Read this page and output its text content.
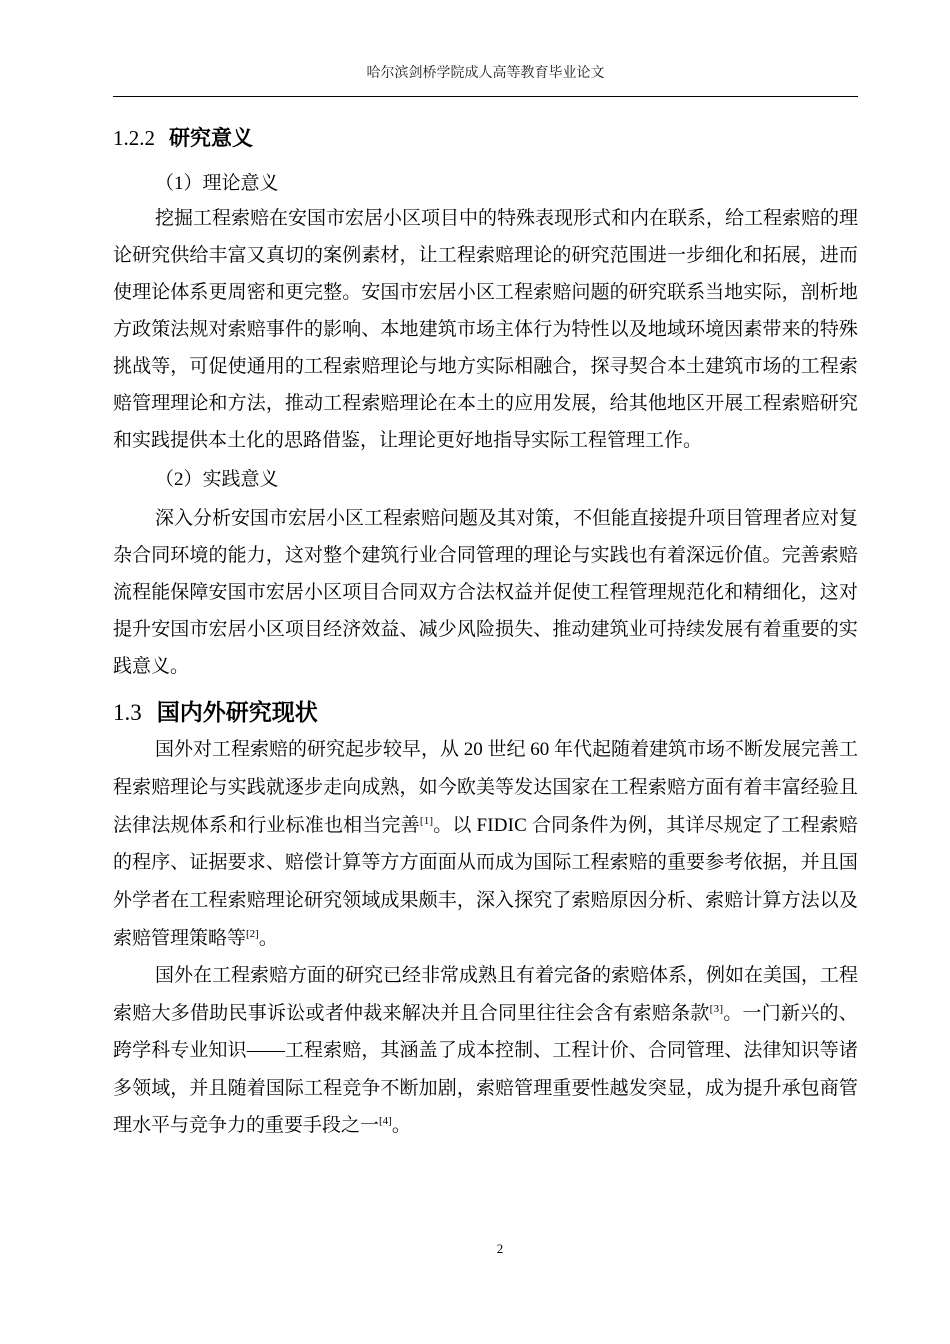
哈尔滨剑桥学院成人高等教育毕业论文
1.2.2 研究意义
（1）理论意义
挖掘工程索赔在安国市宏居小区项目中的特殊表现形式和内在联系，给工程索赔的理
论研究供给丰富又真切的案例素材，让工程索赔理论的研究范围进一步细化和拓展，进而
使理论体系更周密和更完整。安国市宏居小区工程索赔问题的研究联系当地实际，剖析地
方政策法规对索赔事件的影响、本地建筑市场主体行为特性以及地域环境因素带来的特殊
挑战等，可促使通用的工程索赔理论与地方实际相融合，探寻契合本土建筑市场的工程索
赔管理理论和方法，推动工程索赔理论在本土的应用发展，给其他地区开展工程索赔研究
和实践提供本土化的思路借鉴，让理论更好地指导实际工程管理工作。
（2）实践意义
深入分析安国市宏居小区工程索赔问题及其对策，不但能直接提升项目管理者应对复
杂合同环境的能力，这对整个建筑行业合同管理的理论与实践也有着深远价值。完善索赔
流程能保障安国市宏居小区项目合同双方合法权益并促使工程管理规范化和精细化，这对
提升安国市宏居小区项目经济效益、减少风险损失、推动建筑业可持续发展有着重要的实
践意义。
1.3 国内外研究现状
国外对工程索赔的研究起步较早，从 20 世纪 60 年代起随着建筑市场不断发展完善工
程索赔理论与实践就逐步走向成熟，如今欧美等发达国家在工程索赔方面有着丰富经验且
法律法规体系和行业标准也相当完善[1]。以 FIDIC 合同条件为例，其详尽规定了工程索赔
的程序、证据要求、赔偿计算等方方面面从而成为国际工程索赔的重要参考依据，并且国
外学者在工程索赔理论研究领域成果颇丰，深入探究了索赔原因分析、索赔计算方法以及
索赔管理策略等[2]。
国外在工程索赔方面的研究已经非常成熟且有着完备的索赔体系，例如在美国，工程
索赔大多借助民事诉讼或者仲裁来解决并且合同里往往会含有索赔条款[3]。一门新兴的、
跨学科专业知识——工程索赔，其涵盖了成本控制、工程计价、合同管理、法律知识等诸
多领域，并且随着国际工程竞争不断加剧，索赔管理重要性越发突显，成为提升承包商管
理水平与竞争力的重要手段之一[4]。
2
